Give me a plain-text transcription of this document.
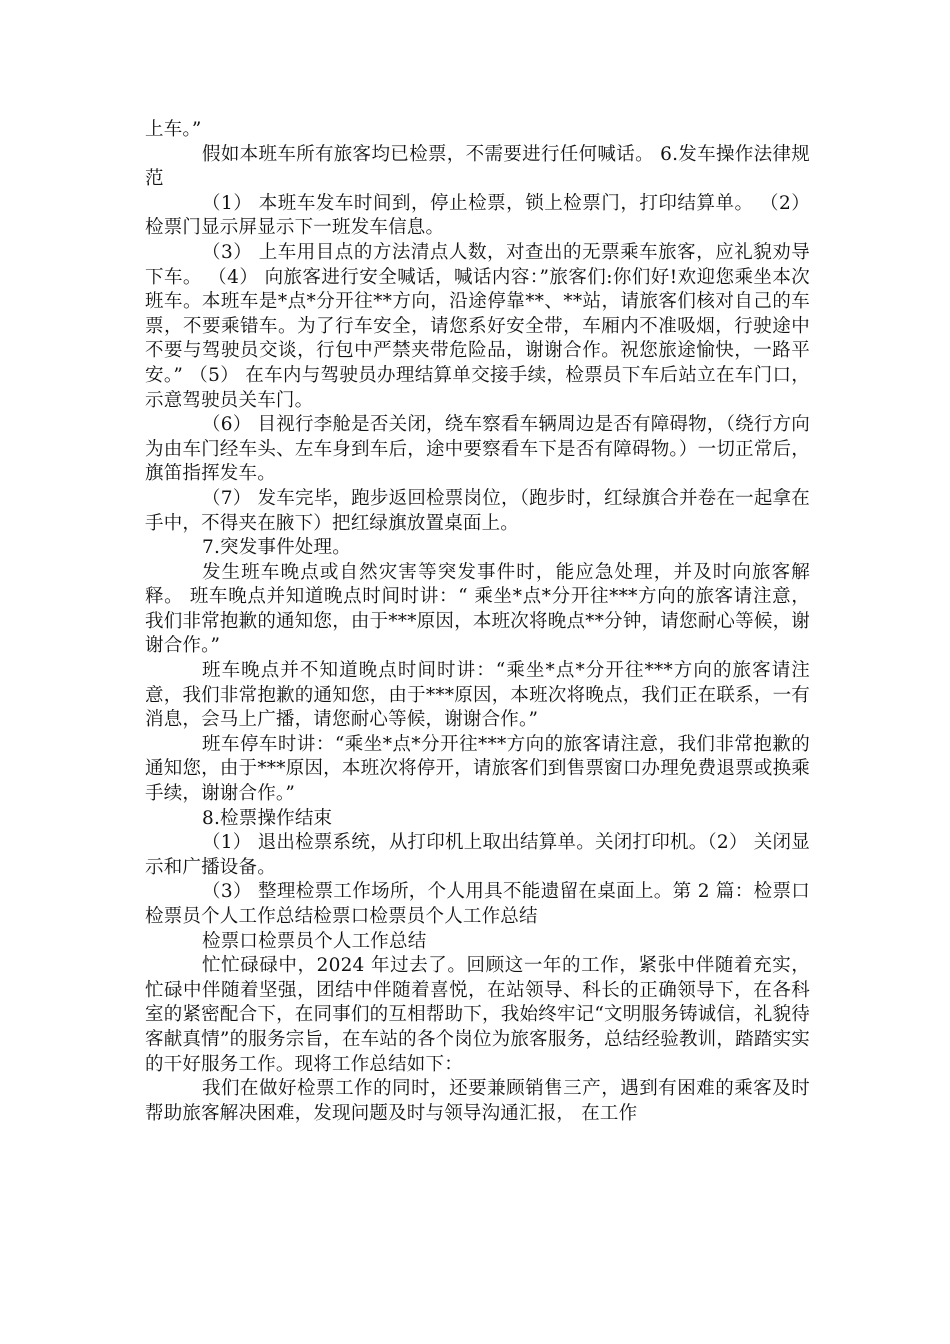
上车。”

假如本班车所有旅客均已检票，不需要进行任何喊话。 6.发车操作法律规范

（1） 本班车发车时间到，停止检票，锁上检票门，打印结算单。 （2） 检票门显示屏显示下一班发车信息。

（3） 上车用目点的方法清点人数，对查出的无票乘车旅客，应礼貌劝导下车。 （4） 向旅客进行安全喊话，喊话内容：”旅客们:你们好!欢迎您乘坐本次班车。本班车是*点*分开往**方向，沿途停靠**、**站，请旅客们核对自己的车票，不要乘错车。为了行车安全，请您系好安全带，车厢内不准吸烟，行驶途中不要与驾驶员交谈，行包中严禁夹带危险品，谢谢合作。祝您旅途愉快，一路平安。” （5） 在车内与驾驶员办理结算单交接手续，检票员下车后站立在车门口，示意驾驶员关车门。

（6） 目视行李舱是否关闭，绕车察看车辆周边是否有障碍物，（绕行方向为由车门经车头、左车身到车后，途中要察看车下是否有障碍物。）一切正常后，旗笛指挥发车。

（7） 发车完毕，跑步返回检票岗位，（跑步时，红绿旗合并卷在一起拿在手中，不得夹在腋下）把红绿旗放置桌面上。

7.突发事件处理。

发生班车晚点或自然灾害等突发事件时，能应急处理，并及时向旅客解释。 班车晚点并知道晚点时间时讲：“ 乘坐*点*分开往***方向的旅客请注意，我们非常抱歉的通知您，由于***原因，本班次将晚点**分钟，请您耐心等候，谢谢合作。”

班车晚点并不知道晚点时间时讲：“乘坐*点*分开往***方向的旅客请注意，我们非常抱歉的通知您，由于***原因，本班次将晚点，我们正在联系，一有消息，会马上广播，请您耐心等候，谢谢合作。”

班车停车时讲：“乘坐*点*分开往***方向的旅客请注意，我们非常抱歉的通知您，由于***原因，本班次将停开，请旅客们到售票窗口办理免费退票或换乘手续，谢谢合作。”

8.检票操作结束

（1） 退出检票系统，从打印机上取出结算单。关闭打印机。（2） 关闭显示和广播设备。

（3） 整理检票工作场所，个人用具不能遗留在桌面上。第 2 篇：检票口检票员个人工作总结检票口检票员个人工作总结

检票口检票员个人工作总结

忙忙碌碌中，2024 年过去了。回顾这一年的工作，紧张中伴随着充实，忙碌中伴随着坚强，团结中伴随着喜悦，在站领导、科长的正确领导下，在各科室的紧密配合下，在同事们的互相帮助下，我始终牢记“文明服务铸诚信，礼貌待客献真情”的服务宗旨，在车站的各个岗位为旅客服务，总结经验教训，踏踏实实的干好服务工作。现将工作总结如下：

我们在做好检票工作的同时，还要兼顾销售三产，遇到有困难的乘客及时帮助旅客解决困难，发现问题及时与领导沟通汇报， 在工作
